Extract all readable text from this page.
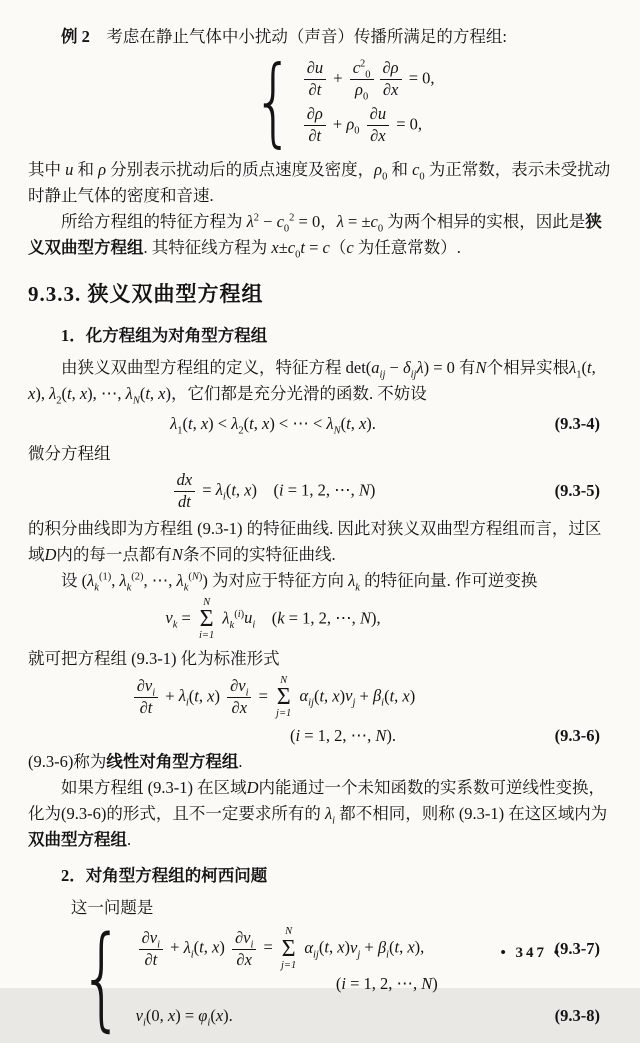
例 2　考虑在静止气体中小扰动（声音）传播所满足的方程组:

{ $\frac{\partial u}{\partial t} + \frac{c^2_0}{\rho_0} \frac{\partial\rho}{\partial x} = 0$,
$\frac{\partial\rho}{\partial t} + \rho_0 \frac{\partial u}{\partial x} = 0$,

其中 u 和 ρ 分别表示扰动后的质点速度及密度，$\rho_0$ 和 $c_0$ 为正常数，表示未受扰动时静止气体的密度和音速.

所给方程组的特征方程为 $\lambda^2 - c_0^2 = 0$，$\lambda = \pm c_0$ 为两个相异的实根，因此是狭义双曲型方程组. 其特征线方程为 $x\pm c_0t = c(c$ 为任意常数）.

9.3.3. 狭义双曲型方程组

1．化方程组为对角型方程组

由狭义双曲型方程组的定义，特征方程 $\det(a_{ij} - \delta_{ij}\lambda) = 0$ 有N个相异实根$\lambda_1(t$, x), $\lambda_2(t$, x), ⋯, $\lambda_N(t$, x)，它们都是充分光滑的函数. 不妨设

$\lambda_1(t$, $x) < \lambda_2(t$, x) < ⋯ < $\lambda_N(t$, x).	(9.3-4)

微分方程组

$\frac{dx}{dt} = \lambda_i(t$, x)　(i = 1, 2, ⋯, N)	(9.3-5)

的积分曲线即为方程组 (9.3-1) 的特征曲线. 因此对狭义双曲型方程组而言，过区域D内的每一点都有N条不同的实特征曲线.

设 ($\lambda_k^{(1)}$, $\lambda_k^{(2)}$, ⋯, $\lambda_k^{(N)}$) 为对应于特征方向 $\lambda_k$ 的特征向量. 作可逆变换

$v_k$ =
N
Σ
i=1
$\lambda_k^{(i)}u_i$　(k = 1, 2, ⋯, N),

就可把方程组 (9.3-1) 化为标准形式

$\frac{\partial v_i}{\partial t} + \lambda_i(t$, $x) \frac{\partial v_i}{\partial x}$ =
N
Σ
j=1
$\alpha_{ij}(t$, $x)v_j + \beta_i(t$, x)
(i = 1, 2, ⋯, N).	(9.3-6)

(9.3-6)称为线性对角型方程组.

如果方程组 (9.3-1) 在区域D内能通过一个未知函数的实系数可逆线性变换，化为(9.3-6)的形式，且不一定要求所有的 $\lambda_i$ 都不相同，则称 (9.3-1) 在这区域内为双曲型方程组.

2．对角型方程组的柯西问题

这一问题是

{ $\frac{\partial v_i}{\partial t} + \lambda_i(t$, $x) \frac{\partial v_i}{\partial x}$ =
N
Σ
j=1
$\alpha_{ij}(t$, $x)v_j + \beta_i(t$, x),	(9.3-7)
(i = 1, 2, ⋯, N)
$v_i(0$, $x) = \varphi_i(x)$.	(9.3-8)
• 347 •
